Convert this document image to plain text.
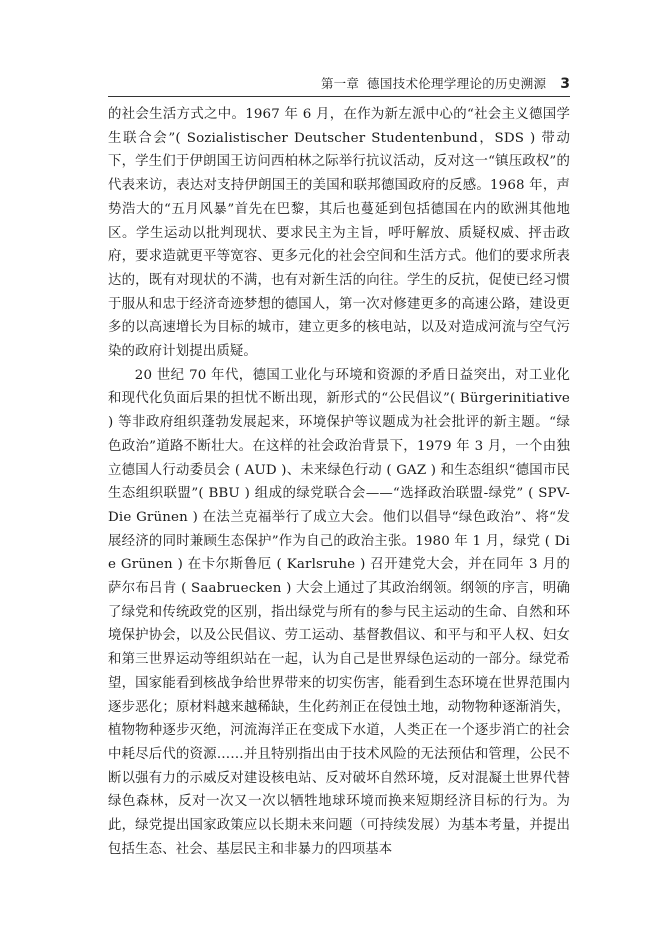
第一章 德国技术伦理学理论的历史溯源 3

的社会生活方式之中。1967 年 6 月，在作为新左派中心的“社会主义德国学生联合会”( Sozialistischer Deutscher Studentenbund，SDS ) 带动下，学生们于伊朗国王访问西柏林之际举行抗议活动，反对这一“镇压政权”的代表来访，表达对支持伊朗国王的美国和联邦德国政府的反感。1968 年，声势浩大的“五月风暴”首先在巴黎，其后也蔓延到包括德国在内的欧洲其他地区。学生运动以批判现状、要求民主为主旨，呼吁解放、质疑权威、抨击政府，要求造就更平等宽容、更多元化的社会空间和生活方式。他们的要求所表达的，既有对现状的不满，也有对新生活的向往。学生的反抗，促使已经习惯于服从和忠于经济奇迹梦想的德国人，第一次对修建更多的高速公路，建设更多的以高速增长为目标的城市，建立更多的核电站，以及对造成河流与空气污染的政府计划提出质疑。

20 世纪 70 年代，德国工业化与环境和资源的矛盾日益突出，对工业化和现代化负面后果的担忧不断出现，新形式的“公民倡议”( Bürgerinitiative ) 等非政府组织蓬勃发展起来，环境保护等议题成为社会批评的新主题。“绿色政治”道路不断壮大。在这样的社会政治背景下，1979 年 3 月，一个由独立德国人行动委员会 ( AUD )、未来绿色行动 ( GAZ ) 和生态组织“德国市民生态组织联盟”( BBU ) 组成的绿党联合会——“选择政治联盟-绿党” ( SPV-Die Grünen ) 在法兰克福举行了成立大会。他们以倡导“绿色政治”、将“发展经济的同时兼顾生态保护”作为自己的政治主张。1980 年 1 月，绿党 ( Die Grünen ) 在卡尔斯鲁厄 ( Karlsruhe ) 召开建党大会，并在同年 3 月的萨尔布吕肯 ( Saabruecken ) 大会上通过了其政治纲领。纲领的序言，明确了绿党和传统政党的区别，指出绿党与所有的参与民主运动的生命、自然和环境保护协会，以及公民倡议、劳工运动、基督教倡议、和平与和平人权、妇女和第三世界运动等组织站在一起，认为自己是世界绿色运动的一部分。绿党希望，国家能看到核战争给世界带来的切实伤害，能看到生态环境在世界范围内逐步恶化；原材料越来越稀缺，生化药剂正在侵蚀土地，动物物种逐渐消失，植物物种逐步灭绝，河流海洋正在变成下水道，人类正在一个逐步消亡的社会中耗尽后代的资源……并且特别指出由于技术风险的无法预估和管理，公民不断以强有力的示威反对建设核电站、反对破坏自然环境，反对混凝土世界代替绿色森林，反对一次又一次以牺牲地球环境而换来短期经济目标的行为。为此，绿党提出国家政策应以长期未来问题（可持续发展）为基本考量，并提出包括生态、社会、基层民主和非暴力的四项基本
